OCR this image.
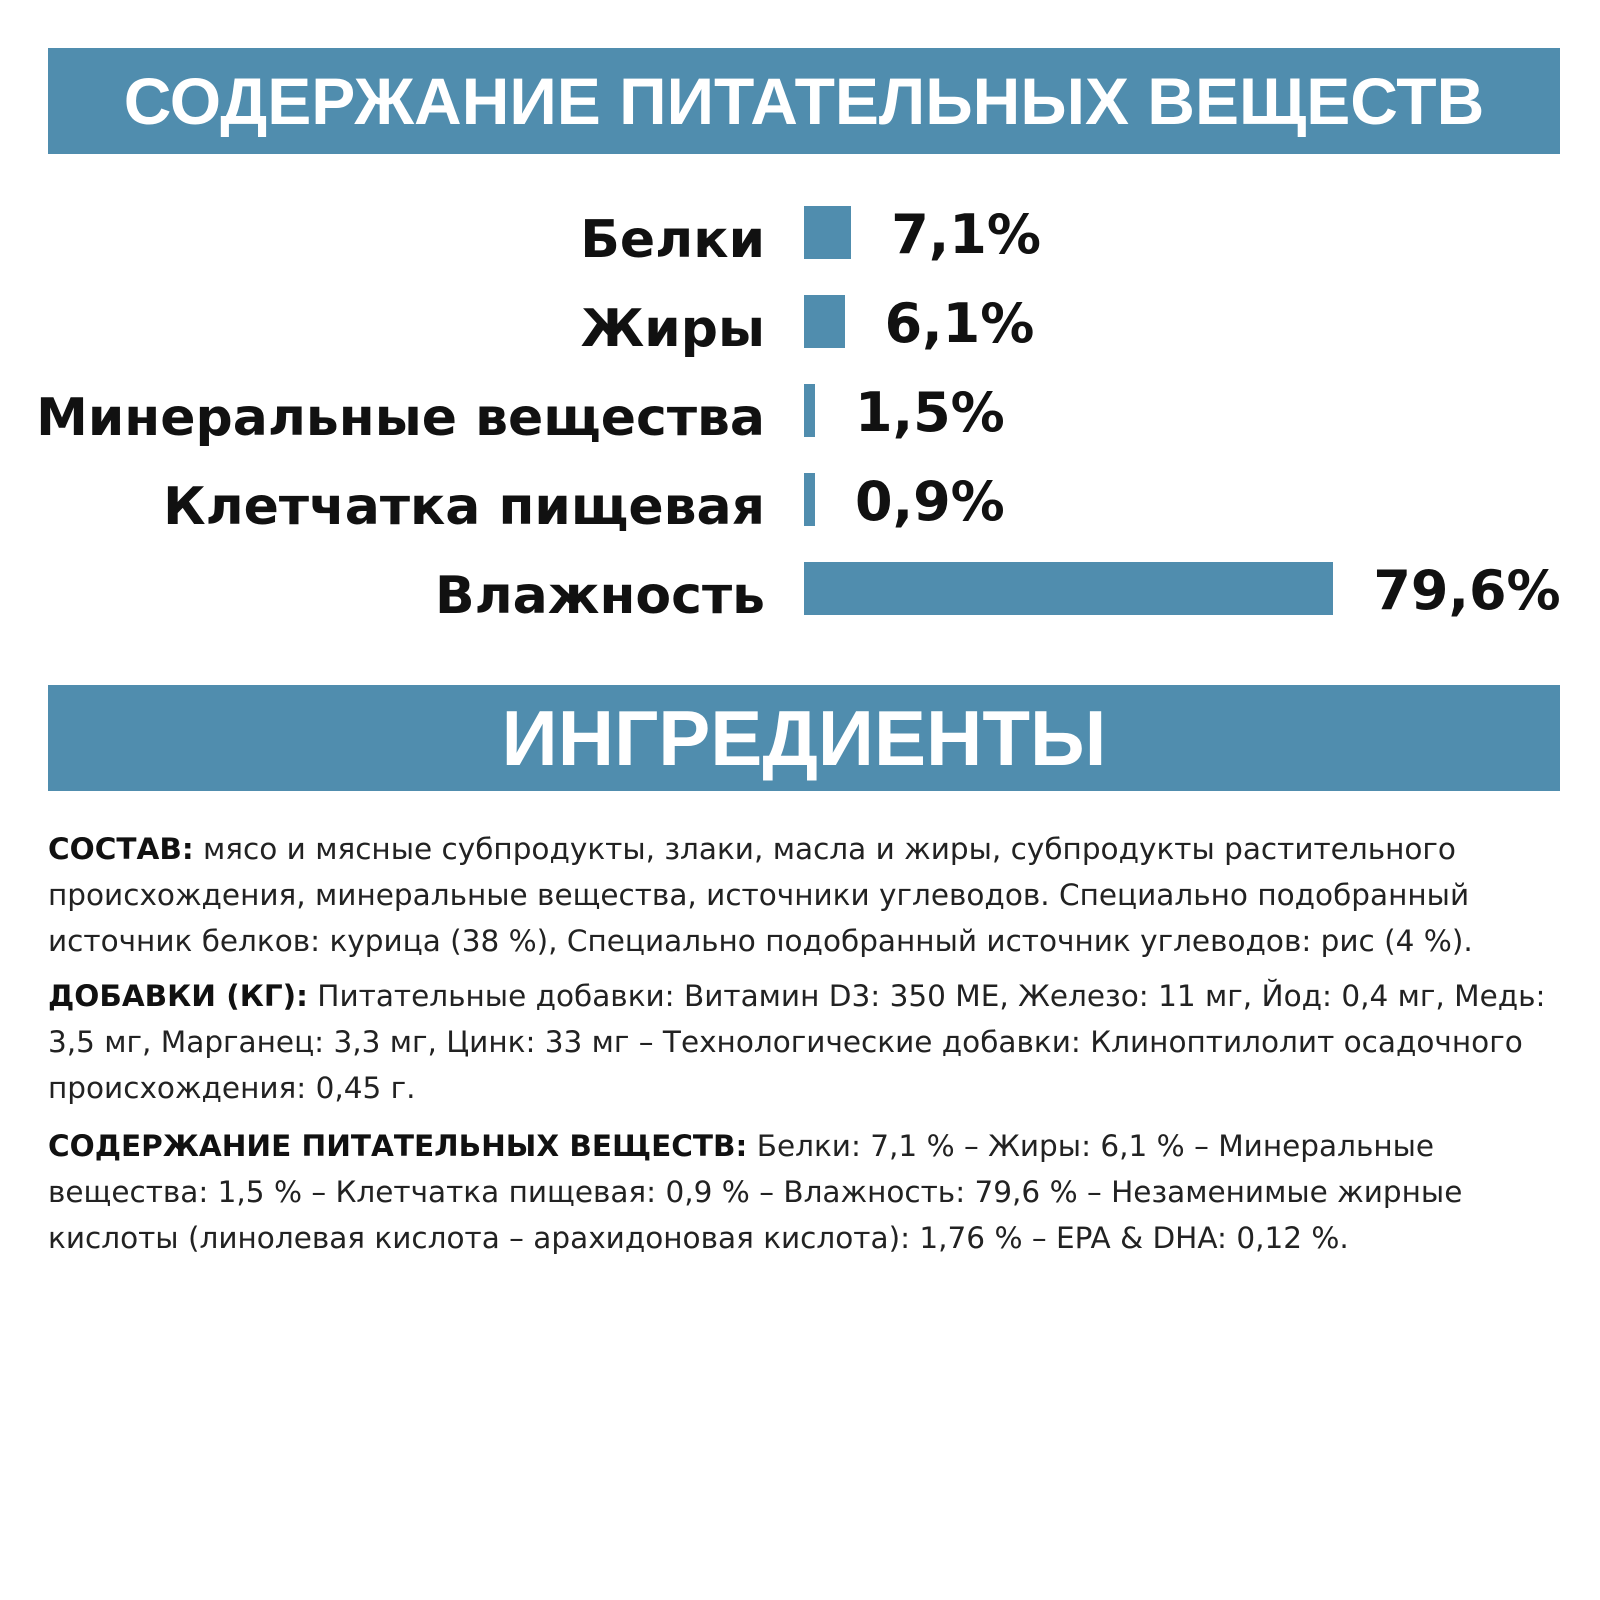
СОДЕРЖАНИЕ ПИТАТЕЛЬНЫХ ВЕЩЕСТВ
Белки 7,1%
Жиры 6,1%
Минеральные вещества 1,5%
Клетчатка пищевая 0,9%
Влажность	79,6%
ИНГРЕДИЕНТЫ
СОСТАВ: мясо и мясные субпродукты, злаки, масла и жиры, субпродукты растительного происхождения, минеральные вещества, источники углеводов. Специально подобранный источник белков: курица (38 %), Специально подобранный источник углеводов: рис (4 %).
ДОБАВКИ (КГ): Питательные добавки: Витамин D3: 350 МЕ, Железо: 11 мг, Йод: 0,4 мг, Медь: 3,5 мг, Марганец: 3,3 мг, Цинк: 33 мг – Технологические добавки: Клиноптилолит осадочного происхождения: 0,45 г.
СОДЕРЖАНИЕ ПИТАТЕЛЬНЫХ ВЕЩЕСТВ: Белки: 7,1 % – Жиры: 6,1 % – Минеральные вещества: 1,5 % – Клетчатка пищевая: 0,9 % – Влажность: 79,6 % – Незаменимые жирные кислоты (линолевая кислота – арахидоновая кислота): 1,76 % – EPA & DHA: 0,12 %.
